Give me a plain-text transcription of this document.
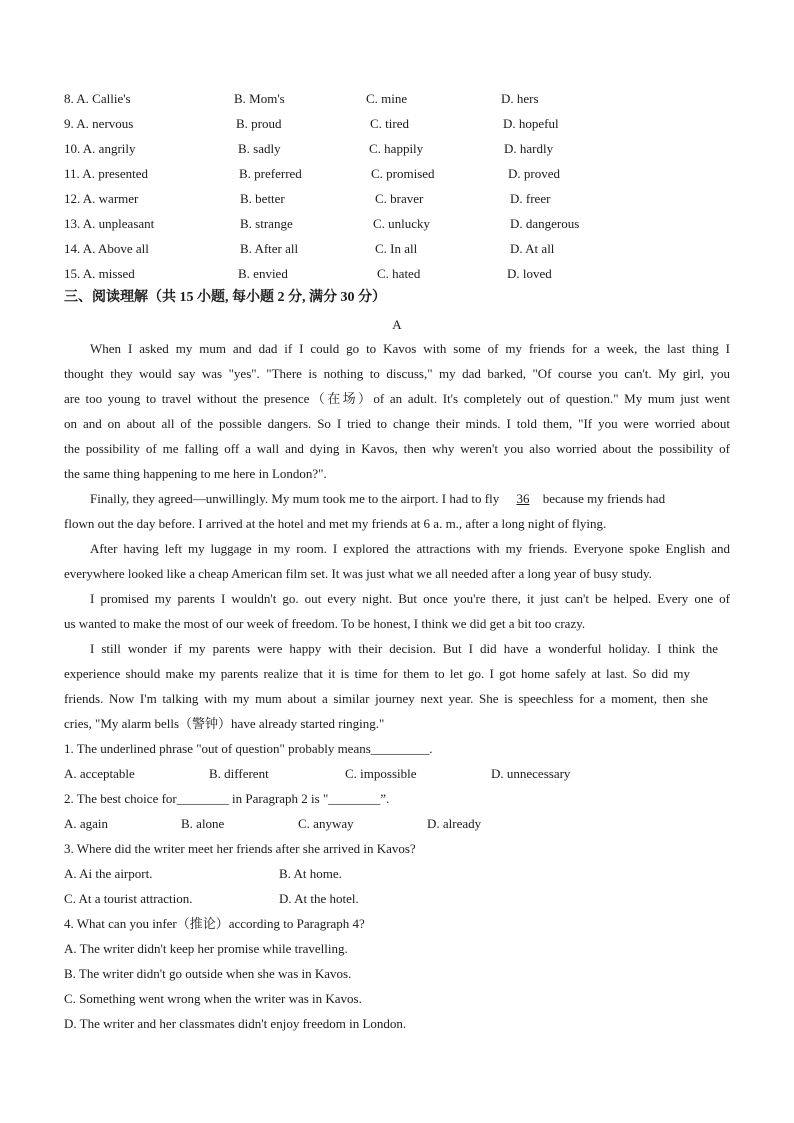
8. A. Callie's	B. Mom's	C. mine	D. hers
9. A. nervous	B. proud	C. tired	D. hopeful
10. A. angrily	B. sadly	C. happily	D. hardly
11. A. presented	B. preferred	C. promised	D. proved
12. A. warmer	B. better	C. braver	D. freer
13. A. unpleasant	B. strange	C. unlucky	D. dangerous
14. A. Above all	B. After all	C. In all	D. At all
15. A. missed	B. envied	C. hated	D. loved
三、阅读理解（共 15 小题, 每小题 2 分, 满分 30 分）
A
When I asked my mum and dad if I could go to Kavos with some of my friends for a week, the last thing I
thought they would say was "yes". "There is nothing to discuss," my dad barked, "Of course you can't. My girl, you
are too young to travel without the presence（在场）of an adult. It's completely out of question." My mum just went
on and on about all of the possible dangers. So I tried to change their minds. I told them, "If you were worried about
the possibility of me falling off a wall and dying in Kavos, then why weren't you also worried about the possibility of
the same thing happening to me here in London?".
Finally, they agreed—unwillingly. My mum took me to the airport. I had to fly 36 because my friends had
flown out the day before. I arrived at the hotel and met my friends at 6 a. m., after a long night of flying.
After having left my luggage in my room. I explored the attractions with my friends. Everyone spoke English and
everywhere looked like a cheap American film set. It was just what we all needed after a long year of busy study.
I promised my parents I wouldn't go. out every night. But once you're there, it just can't be helped. Every one of
us wanted to make the most of our week of freedom. To be honest, I think we did get a bit too crazy.
I still wonder if my parents were happy with their decision. But I did have a wonderful holiday. I think the
experience should make my parents realize that it is time for them to let go. I got home safely at last. So did my
friends. Now I'm talking with my mum about a similar journey next year. She is speechless for a moment, then she
cries, "My alarm bells（警钟）have already started ringing."
1. The underlined phrase "out of question" probably means_________.
A. acceptable	B. different	C. impossible	D. unnecessary
2. The best choice for________ in Paragraph 2 is "________”.
A. again	B. alone	C. anyway	D. already
3. Where did the writer meet her friends after she arrived in Kavos?
A. Ai the airport.	B. At home.
C. At a tourist attraction.	D. At the hotel.
4. What can you infer（推论）according to Paragraph 4?
A. The writer didn't keep her promise while travelling.
B. The writer didn't go outside when she was in Kavos.
C. Something went wrong when the writer was in Kavos.
D. The writer and her classmates didn't enjoy freedom in London.
